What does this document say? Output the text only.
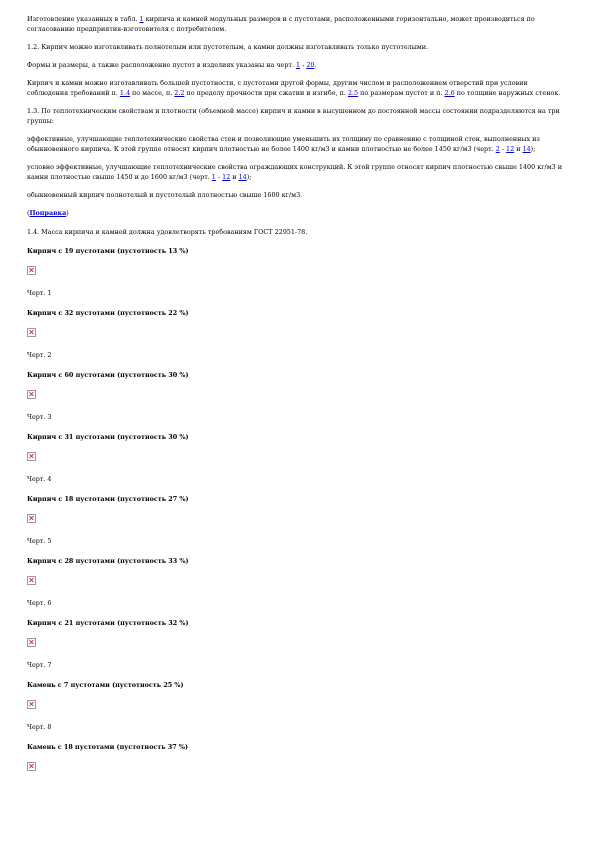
Изготовление указанных в табл. 1 кирпича и камней модульных размеров и с пустотами, расположенными горизонтально, может производиться по согласованию предприятия-изготовителя с потребителем.

1.2. Кирпич можно изготавливать полнотелым или пустотелым, а камни должны изготавливать только пустотелыми.

Формы и размеры, а также расположение пустот в изделиях указаны на черт. 1 - 20.

Кирпич и камни можно изготавливать большей пустотности, с пустотами другой формы, другим числом и расположением отверстий при условии соблюдения требований п. 1.4 по массе, п. 2.2 по пределу прочности при сжатии и изгибе, п. 2.5 по размерам пустот и п. 2.6 по толщине наружных стенок.

1.3. По теплотехническим свойствам и плотности (объемной массе) кирпич и камни в высушенном до постоянной массы состоянии подразделяются на три группы:

эффективные, улучшающие теплотехнические свойства стен и позволяющие уменьшить их толщину по сравнению с толщиной стен, выполненных из обыкновенного кирпича. К этой группе относят кирпич плотностью не более 1400 кг/м3 и камни плотностью не более 1450 кг/м3 (черт. 2 - 12 и 14);

условно эффективные, улучшающие теплотехнические свойства ограждающих конструкций. К этой группе относят кирпич плотностью свыше 1400 кг/м3 и камни плотностью свыше 1450 и до 1600 кг/м3 (черт. 1 - 12 и 14);

обыкновенный кирпич полнотелый и пустотелый плотностью свыше 1600 кг/м3.

(Поправка)

1.4. Масса кирпича и камней должна удовлетворять требованиям ГОСТ 22951-78.

Кирпич с 19 пустотами (пустотность 13 %)

✕

Черт. 1

Кирпич с 32 пустотами (пустотность 22 %)

✕

Черт. 2

Кирпич с 60 пустотами (пустотность 30 %)

✕

Черт. 3

Кирпич с 31 пустотами (пустотность 30 %)

✕

Черт. 4

Кирпич с 18 пустотами (пустотность 27 %)

✕

Черт. 5

Кирпич с 28 пустотами (пустотность 33 %)

✕

Черт. 6

Кирпич с 21 пустотами (пустотность 32 %)

✕

Черт. 7

Камень с 7 пустотами (пустотность 25 %)

✕

Черт. 8

Камень с 18 пустотами (пустотность 37 %)

✕
